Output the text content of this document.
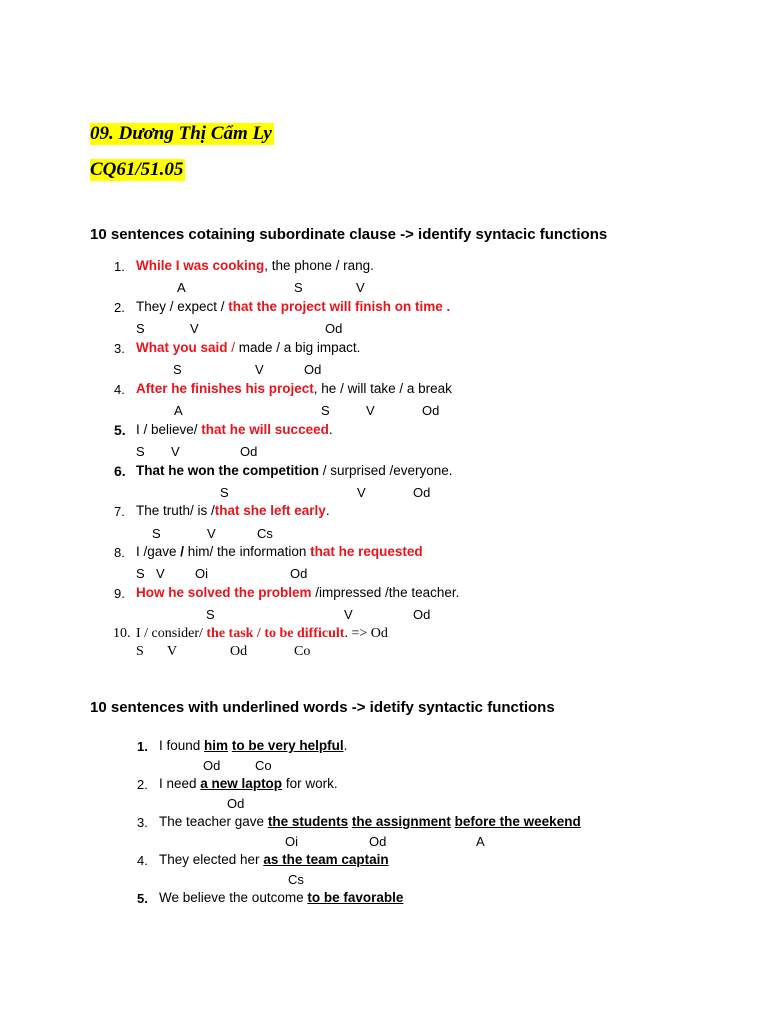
09. Dương Thị Cẩm Ly
CQ61/51.05
10 sentences cotaining subordinate clause -> identify syntacic functions
1. While I was cooking, the phone / rang.
A	S	V
2. They / expect / that the project will finish on time .
S	V	Od
3. What you said / made / a big impact.
S	V	Od
4. After he finishes his project, he / will take / a break
A	S	V	Od
5. I / believe/ that he will succeed.
S V	Od
6. That he won the competition / surprised /everyone.
S	V	Od
7. The truth/ is /that she left early.
S	V	Cs
8. I /gave / him/ the information that he requested
S V Oi	Od
9. How he solved the problem /impressed /the teacher.
S	V	Od
10. I / consider/ the task / to be difficult. => Od
S V	Od	Co
10 sentences with underlined words -> idetify syntactic functions
1. I found him to be very helpful.
Od	Co
2. I need a new laptop for work.
Od
3. The teacher gave the students the assignment before the weekend
Oi	Od	A
4. They elected her as the team captain
Cs
5. We believe the outcome to be favorable
